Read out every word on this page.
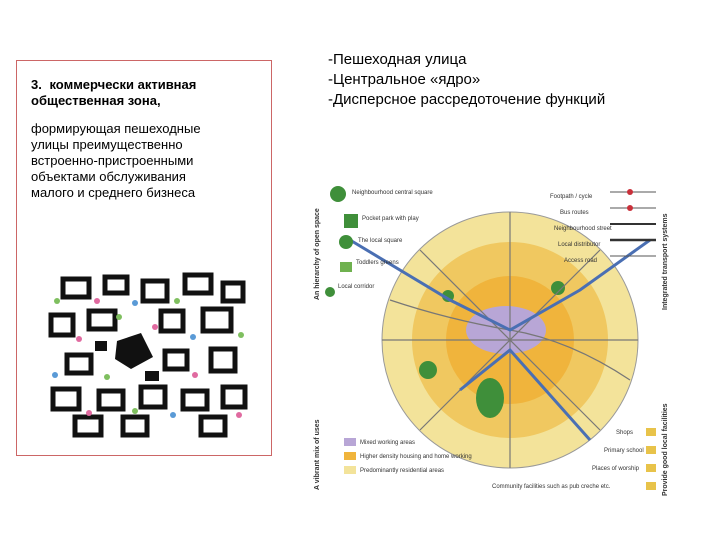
3. коммерчески активная
общественная зона,
формирующая пешеходные
улицы преимущественно
встроенно-пристроенными
объектами обслуживания
малого и среднего бизнеса
-Пешеходная улица
-Центральное «ядро»
-Дисперсное рассредоточение функций
An hierarchy of open space
A vibrant mix of uses
Integrated transport systems
Provide good local facilities
Neighbourhood central square
Pocket park with play
The local square
Toddlers greens
Local corridor
Footpath / cycle
Bus routes
Neighbourhood street
Local distributor
Access road
Mixed working areas
Higher density housing and home working
Predominantly residential areas
Shops
Primary school
Places of worship
Community facilities such as pub creche etc.
